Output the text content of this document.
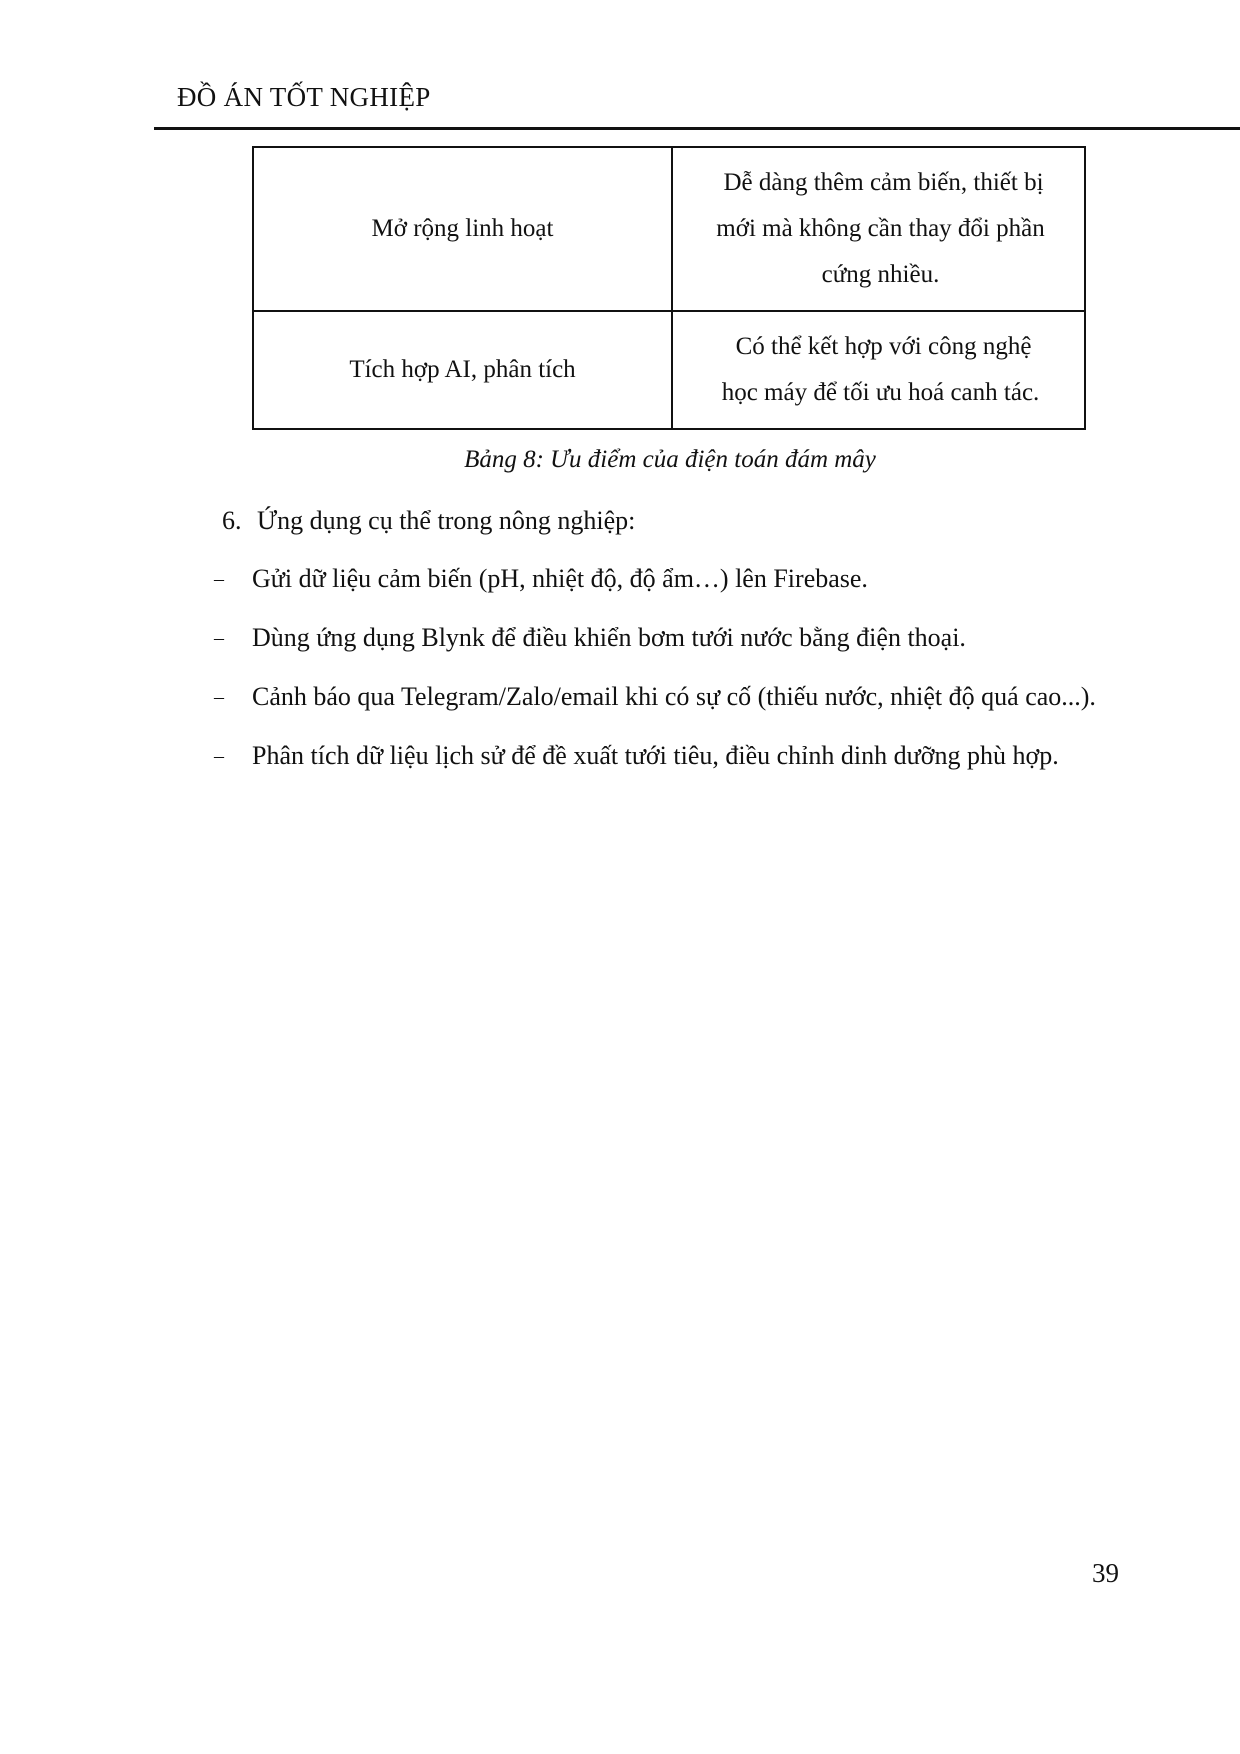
ĐỒ ÁN TỐT NGHIỆP
Mở rộng linh hoạt	Dễ dàng thêm cảm biến, thiết bị
mới mà không cần thay đổi phần
cứng nhiều.

Tích hợp AI, phân tích	Có thể kết hợp với công nghệ
học máy để tối ưu hoá canh tác.
Bảng 8: Ưu điểm của điện toán đám mây
6. Ứng dụng cụ thể trong nông nghiệp:
– Gửi dữ liệu cảm biến (pH, nhiệt độ, độ ẩm…) lên Firebase.
– Dùng ứng dụng Blynk để điều khiển bơm tưới nước bằng điện thoại.
– Cảnh báo qua Telegram/Zalo/email khi có sự cố (thiếu nước, nhiệt độ quá cao...).
– Phân tích dữ liệu lịch sử để đề xuất tưới tiêu, điều chỉnh dinh dưỡng phù hợp.
39
